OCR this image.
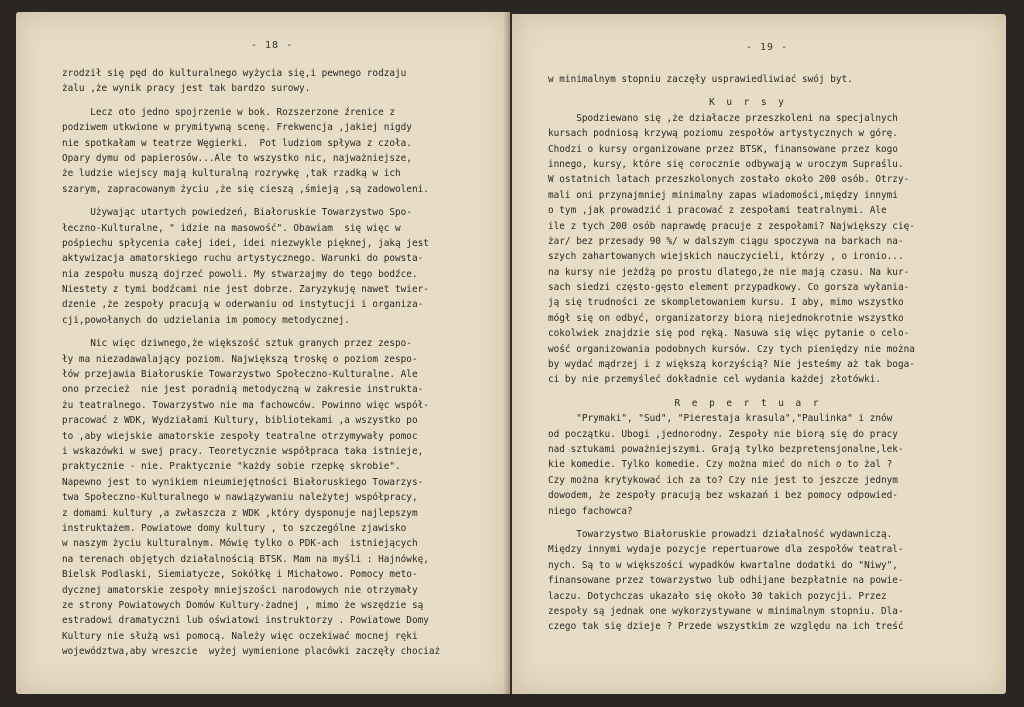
- 18 -
zrodził się pęd do kulturalnego wyżycia się,i pewnego rodzaju
żalu ,że wynik pracy jest tak bardzo surowy.
Lecz oto jedno spojrzenie w bok. Rozszerzone źrenice z
podziwem utkwione w prymitywną scenę. Frekwencja ,jakiej nigdy
nie spotkałam w teatrze Węgierki.  Pot ludziom spływa z czoła.
Opary dymu od papierosów...Ale to wszystko nic, najważniejsze,
że ludzie wiejscy mają kulturalną rozrywkę ,tak rzadką w ich
szarym, zapracowanym życiu ,że się cieszą ,śmieją ,są zadowoleni.
Używając utartych powiedzeń, Białoruskie Towarzystwo Spo-
łeczno-Kulturalne, " idzie na masowość". Obawiam  się więc w
pośpiechu spłycenia całej idei, idei niezwykle pięknej, jaką jest
aktywizacja amatorskiego ruchu artystycznego. Warunki do powsta-
nia zespołu muszą dojrzeć powoli. My stwarzajmy do tego bodźce.
Niestety z tymi bodźcami nie jest dobrze. Zaryzykuję nawet twier-
dzenie ,że zespoły pracują w oderwaniu od instytucji i organiza-
cji,powołanych do udzielania im pomocy metodycznej.
Nic więc dziwnego,że większość sztuk granych przez zespo-
ły ma niezadawalający poziom. Największą troskę o poziom zespo-
łów przejawia Białoruskie Towarzystwo Społeczno-Kulturalne. Ale
ono przecież  nie jest poradnią metodyczną w zakresie instrukta-
żu teatralnego. Towarzystwo nie ma fachowców. Powinno więc współ-
pracować z WDK, Wydziałami Kultury, bibliotekami ,a wszystko po
to ,aby wiejskie amatorskie zespoły teatralne otrzymywały pomoc
i wskazówki w swej pracy. Teoretycznie współpraca taka istnieje,
praktycznie - nie. Praktycznie "każdy sobie rzepkę skrobie".
Napewno jest to wynikiem nieumiejętności Białoruskiego Towarzys-
twa Społeczno-Kulturalnego w nawiązywaniu należytej współpracy,
z domami kultury ,a zwłaszcza z WDK ,który dysponuje najlepszym
instruktażem. Powiatowe domy kultury , to szczególne zjawisko
w naszym życiu kulturalnym. Mówię tylko o PDK-ach  istniejących
na terenach objętych działalnością BTSK. Mam na myśli : Hajnówkę,
Bielsk Podlaski, Siemiatycze, Sokółkę i Michałowo. Pomocy meto-
dycznej amatorskie zespoły mniejszości narodowych nie otrzymały
ze strony Powiatowych Domów Kultury-żadnej , mimo że wszędzie są
estradowi dramatyczni lub oświatowi instruktorzy . Powiatowe Domy
Kultury nie służą wsi pomocą. Należy więc oczekiwać mocnej ręki
województwa,aby wreszcie  wyżej wymienione placówki zaczęły chociaż
- 19 -
w minimalnym stopniu zaczęły usprawiedliwiać swój byt.
K u r s y
Spodziewano się ,że działacze przeszkoleni na specjalnych
kursach podniosą krzywą poziomu zespołów artystycznych w górę.
Chodzi o kursy organizowane przez BTSK, finansowane przez kogo
innego, kursy, które się corocznie odbywają w uroczym Supraślu.
W ostatnich latach przeszkolonych zostało około 200 osób. Otrzy-
mali oni przynajmniej minimalny zapas wiadomości,między innymi
o tym ,jak prowadzić i pracować z zespołami teatralnymi. Ale
ile z tych 200 osób naprawdę pracuje z zespołami? Największy cię-
żar/ bez przesady 90 %/ w dalszym ciągu spoczywa na barkach na-
szych zahartowanych wiejskich nauczycieli, którzy , o ironio...
na kursy nie jeżdżą po prostu dlatego,że nie mają czasu. Na kur-
sach siedzi często-gęsto element przypadkowy. Co gorsza wyłania-
ją się trudności ze skompletowaniem kursu. I aby, mimo wszystko
mógł się on odbyć, organizatorzy biorą niejednokrotnie wszystko
cokolwiek znajdzie się pod ręką. Nasuwa się więc pytanie o celo-
wość organizowania podobnych kursów. Czy tych pieniędzy nie można
by wydać mądrzej i z większą korzyścią? Nie jesteśmy aż tak boga-
ci by nie przemyśleć dokładnie cel wydania każdej złotówki.
R e p e r t u a r
"Prymaki", "Sud", "Pierestaja krasula","Paulinka" i znów
od początku. Ubogi ,jednorodny. Zespoły nie biorą się do pracy
nad sztukami poważniejszymi. Grają tylko bezpretensjonalne,lek-
kie komedie. Tylko komedie. Czy można mieć do nich o to żal ?
Czy można krytykować ich za to? Czy nie jest to jeszcze jednym
dowodem, że zespoły pracują bez wskazań i bez pomocy odpowied-
niego fachowca?
Towarzystwo Białoruskie prowadzi działalność wydawniczą.
Między innymi wydaje pozycje repertuarowe dla zespołów teatral-
nych. Są to w większości wypadków kwartalne dodatki do "Niwy",
finansowane przez towarzystwo lub odhijane bezpłatnie na powie-
laczu. Dotychczas ukazało się około 30 takich pozycji. Przez
zespoły są jednak one wykorzystywane w minimalnym stopniu. Dla-
czego tak się dzieje ? Przede wszystkim ze względu na ich treść
